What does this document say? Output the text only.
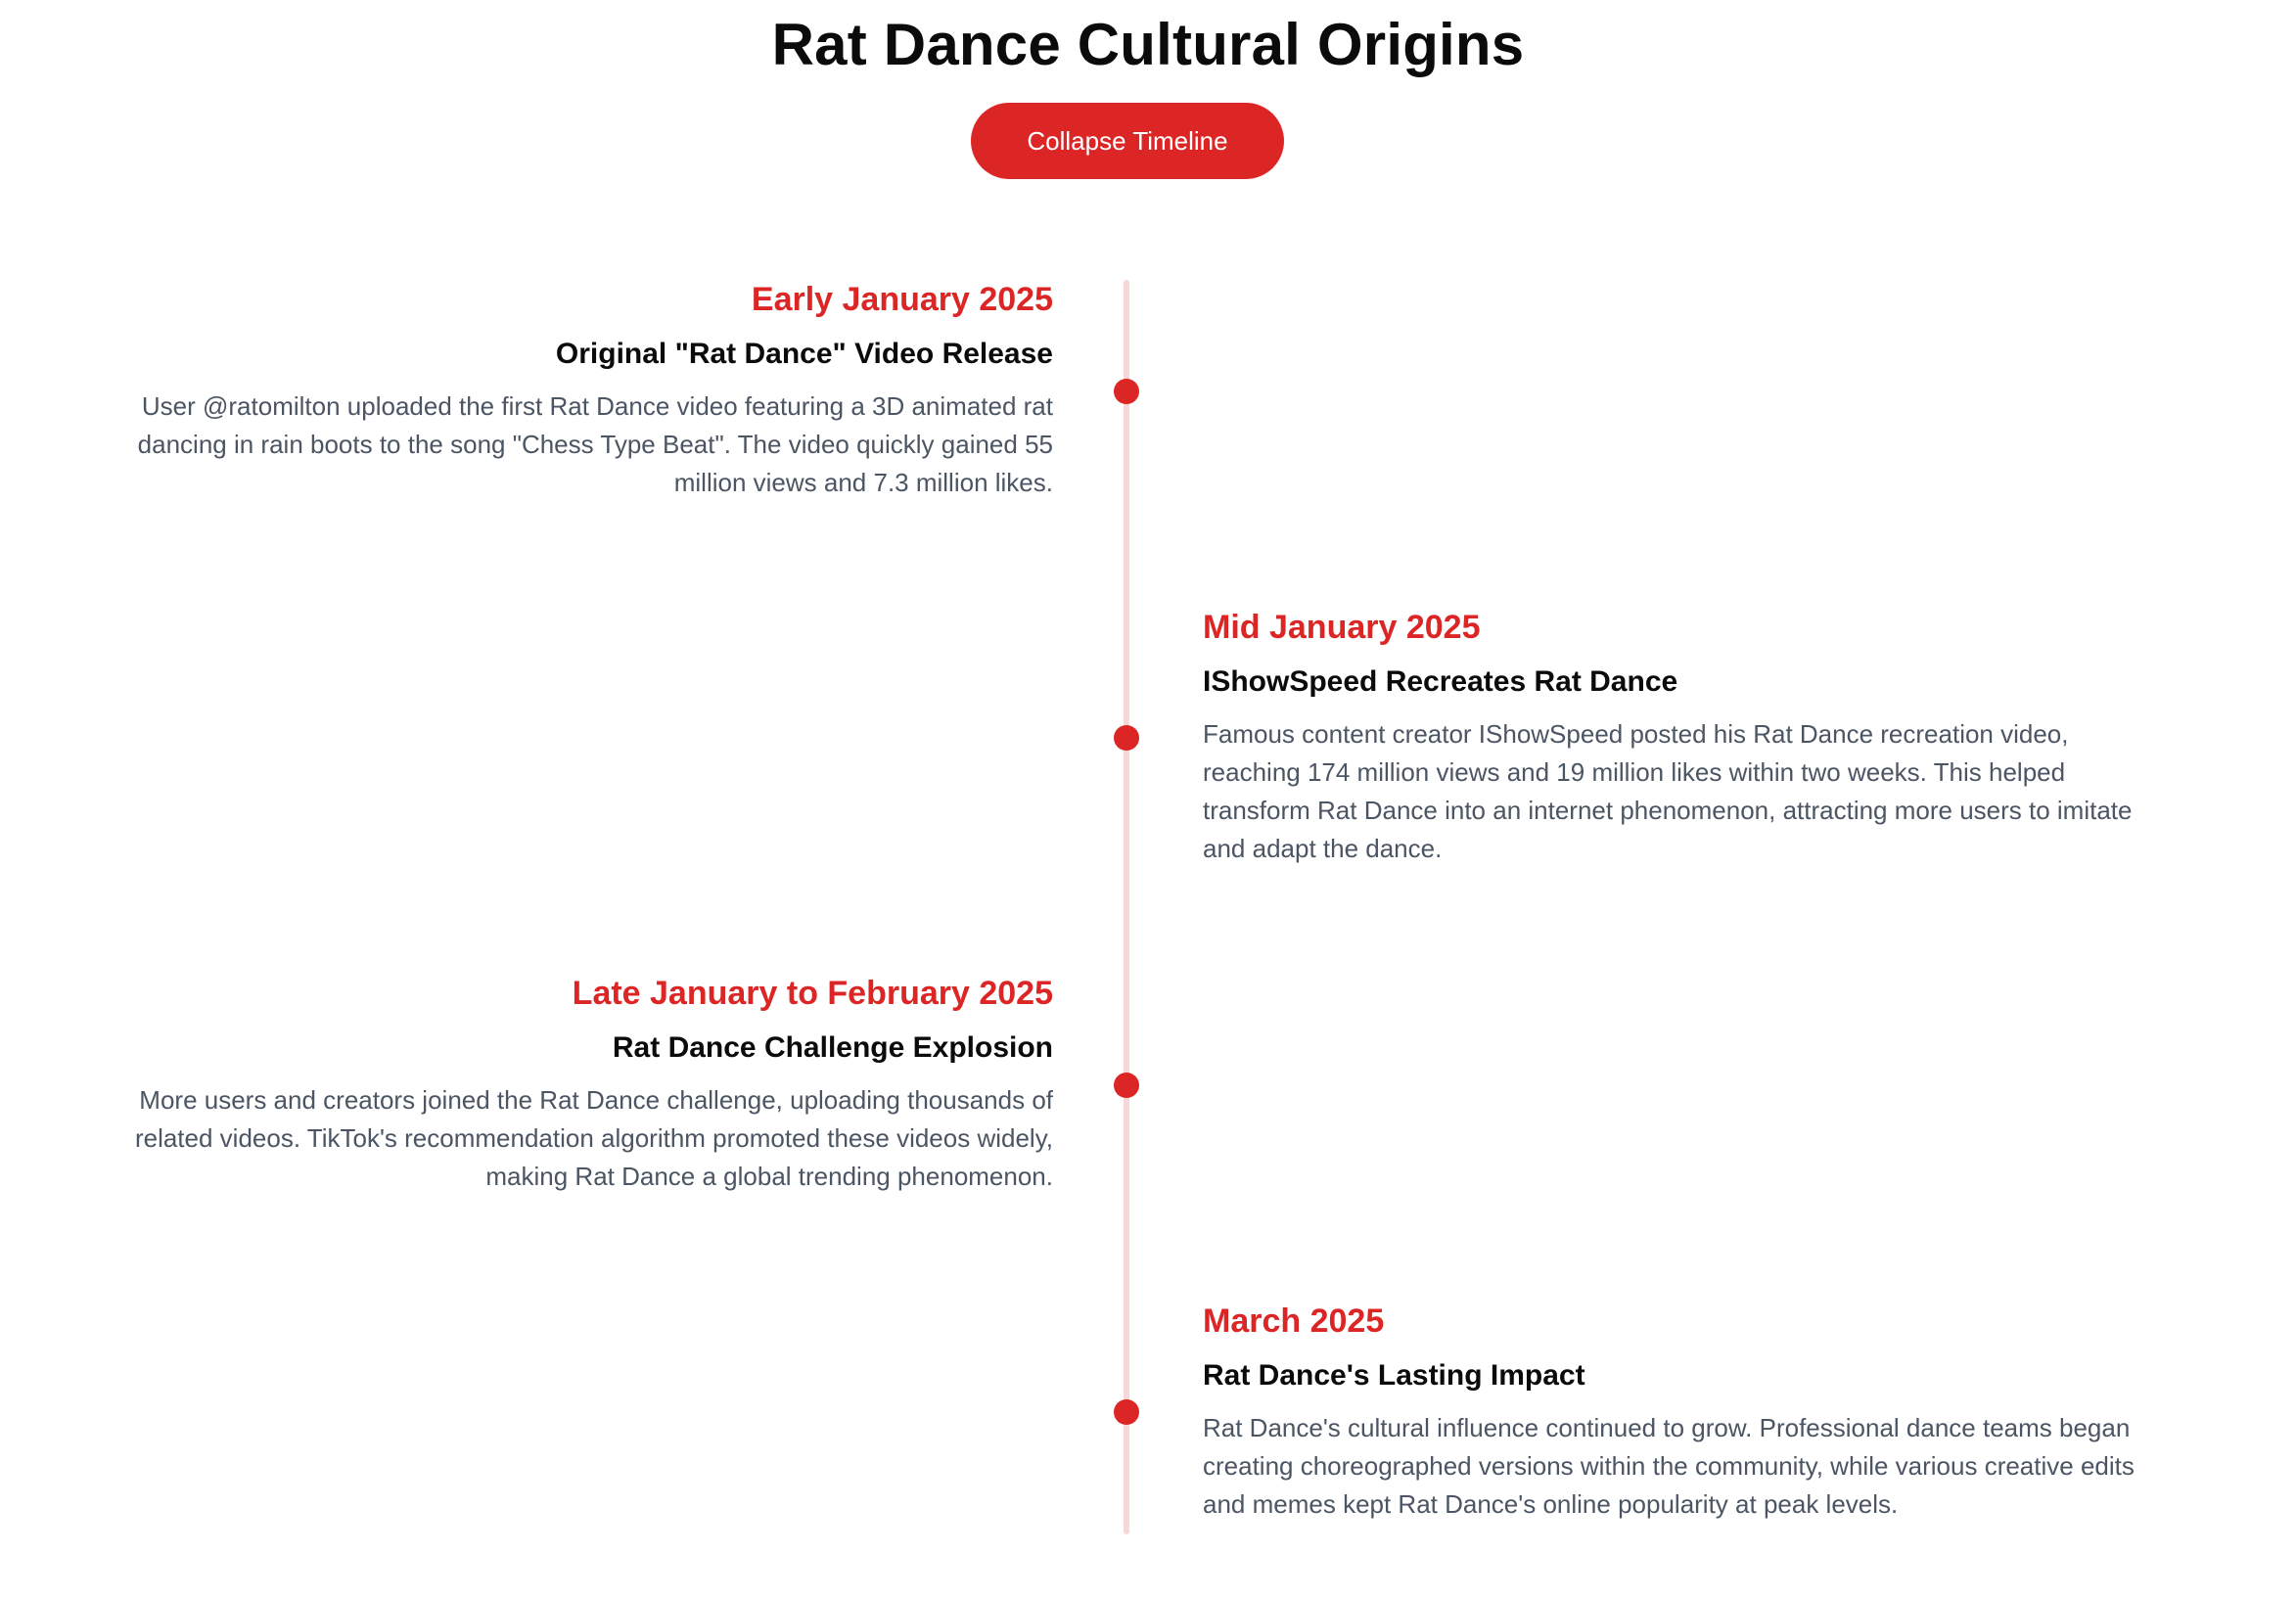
Rat Dance Cultural Origins
Collapse Timeline
Early January 2025
Original "Rat Dance" Video Release

User @ratomilton uploaded the first Rat Dance video featuring a 3D animated rat dancing in rain boots to the song "Chess Type Beat". The video quickly gained 55 million views and 7.3 million likes.

Mid January 2025
IShowSpeed Recreates Rat Dance

Famous content creator IShowSpeed posted his Rat Dance recreation video, reaching 174 million views and 19 million likes within two weeks. This helped transform Rat Dance into an internet phenomenon, attracting more users to imitate and adapt the dance.

Late January to February 2025
Rat Dance Challenge Explosion

More users and creators joined the Rat Dance challenge, uploading thousands of related videos. TikTok's recommendation algorithm promoted these videos widely, making Rat Dance a global trending phenomenon.

March 2025
Rat Dance's Lasting Impact

Rat Dance's cultural influence continued to grow. Professional dance teams began creating choreographed versions within the community, while various creative edits and memes kept Rat Dance's online popularity at peak levels.
